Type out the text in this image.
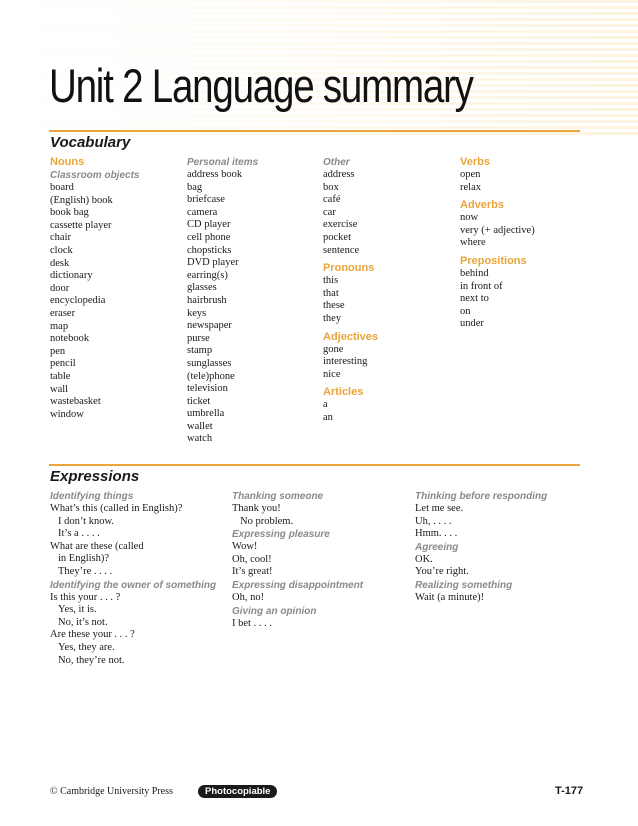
Unit 2 Language summary
Vocabulary
Nouns
Classroom objects
board
(English) book
book bag
cassette player
chair
clock
desk
dictionary
door
encyclopedia
eraser
map
notebook
pen
pencil
table
wall
wastebasket
window
Personal items
address book
bag
briefcase
camera
CD player
cell phone
chopsticks
DVD player
earring(s)
glasses
hairbrush
keys
newspaper
purse
stamp
sunglasses
(tele)phone
television
ticket
umbrella
wallet
watch
Other
address
box
café
car
exercise
pocket
sentence
Pronouns
this
that
these
they
Adjectives
gone
interesting
nice
Articles
a
an
Verbs
open
relax
Adverbs
now
very (+ adjective)
where
Prepositions
behind
in front of
next to
on
under
Expressions
Identifying things
What’s this (called in English)?
I don’t know.
It’s a . . . .
What are these (called
in English)?
They’re . . . .
Identifying the owner of something
Is this your . . . ?
Yes, it is.
No, it’s not.
Are these your . . . ?
Yes, they are.
No, they’re not.
Thanking someone
Thank you!
No problem.
Expressing pleasure
Wow!
Oh, cool!
It’s great!
Expressing disappointment
Oh, no!
Giving an opinion
I bet . . . .
Thinking before responding
Let me see.
Uh, . . . .
Hmm. . . .
Agreeing
OK.
You’re right.
Realizing something
Wait (a minute)!
© Cambridge University Press	Photocopiable	T-177
